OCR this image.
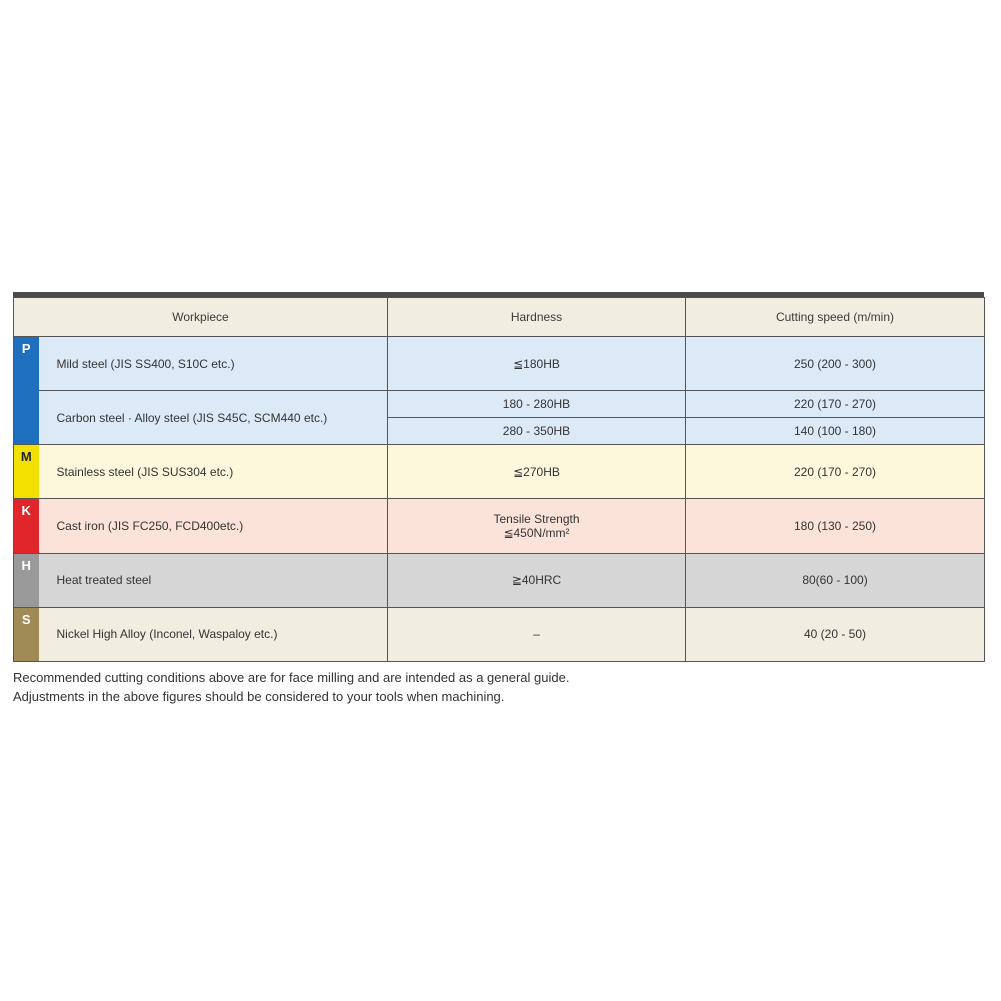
Workpiece		Hardness	Cutting speed (m/min)
P	Mild steel (JIS SS400, S10C etc.)	≦180HB	250 (200 - 300)
	Carbon steel · Alloy steel (JIS S45C, SCM440 etc.)	180 - 280HB	220 (170 - 270)
		280 - 350HB	140 (100 - 180)
M	Stainless steel (JIS SUS304 etc.)	≦270HB	220 (170 - 270)
K	Cast iron (JIS FC250, FCD400etc.)	Tensile Strength
≦450N/mm²	180 (130 - 250)
H	Heat treated steel	≧40HRC	80(60 - 100)
S	Nickel High Alloy (Inconel, Waspaloy etc.)	–	40 (20 - 50)
Recommended cutting conditions above are for face milling and are intended as a general guide.
Adjustments in the above figures should be considered to your tools when machining.
